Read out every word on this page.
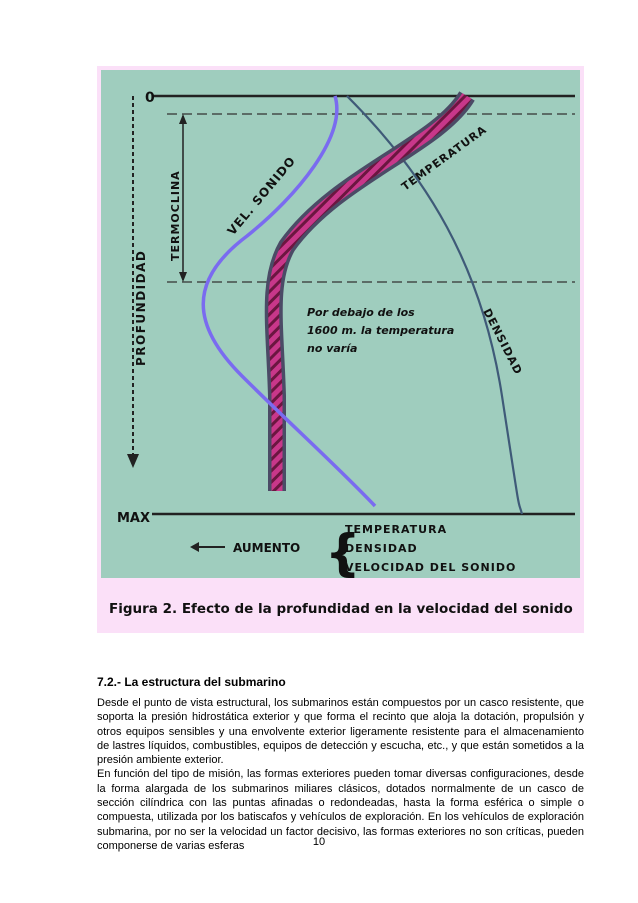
0
MAX
PROFUNDIDAD
TERMOCLINA	VEL. SONIDO	TEMPERATURA
DENSIDAD
Por debajo de los
1600 m. la temperatura
no varía
AUMENTO {
TEMPERATURA
DENSIDAD
VELOCIDAD DEL SONIDO
Figura 2. Efecto de la profundidad en la velocidad del sonido
7.2.- La estructura del submarino

Desde el punto de vista estructural, los submarinos están compuestos por un casco resistente, que soporta la presión hidrostática exterior y que forma el recinto que aloja la dotación, propulsión y otros equipos sensibles y una envolvente exterior ligeramente resistente para el almacenamiento de lastres líquidos, combustibles, equipos de detección y escucha, etc., y que están sometidos a la presión ambiente exterior.

En función del tipo de misión, las formas exteriores pueden tomar diversas configuraciones, desde la forma alargada de los submarinos miliares clásicos, dotados normalmente de un casco de sección cilíndrica con las puntas afinadas o redondeadas, hasta la forma esférica o simple o compuesta, utilizada por los batiscafos y vehículos de exploración. En los vehículos de exploración submarina, por no ser la velocidad un factor decisivo, las formas exteriores no son críticas, pueden componerse de varias esferas	10
